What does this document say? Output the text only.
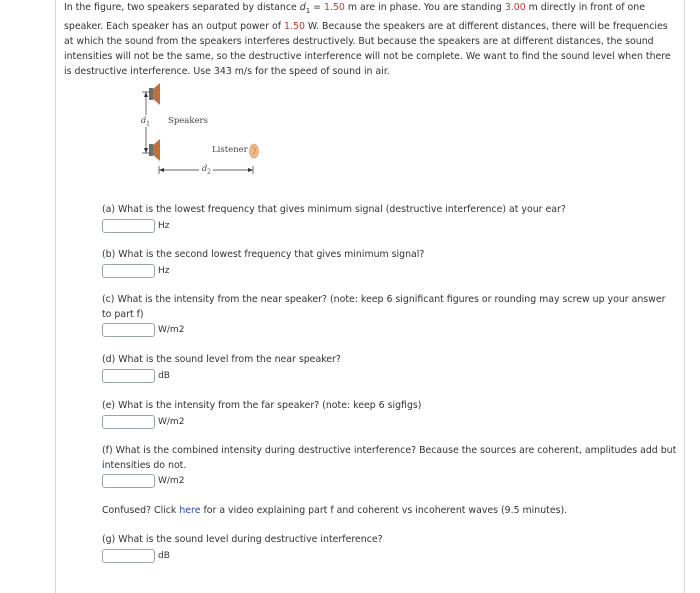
In the figure, two speakers separated by distance $d_1 = 1.50$ m are in phase. You are standing 3.00 m directly in front of one speaker. Each speaker has an output power of 1.50 W. Because the speakers are at different distances, there will be frequencies at which the sound from the speakers interferes destructively. But because the speakers are at different distances, the sound intensities will not be the same, so the destructive interference will not be complete. We want to find the sound level when there is destructive interference. Use 343 m/s for the speed of sound in air.
$d_1$ Speakers
Listener
$d_2$
(a) What is the lowest frequency that gives minimum signal (destructive interference) at your ear?
Hz
(b) What is the second lowest frequency that gives minimum signal?
Hz
(c) What is the intensity from the near speaker? (note: keep 6 significant figures or rounding may screw up your answer to part f)
W/m2
(d) What is the sound level from the near speaker?
dB
(e) What is the intensity from the far speaker? (note: keep 6 sigfigs)
W/m2
(f) What is the combined intensity during destructive interference? Because the sources are coherent, amplitudes add but intensities do not.
W/m2
Confused? Click here for a video explaining part f and coherent vs incoherent waves (9.5 minutes).
(g) What is the sound level during destructive interference?
dB
